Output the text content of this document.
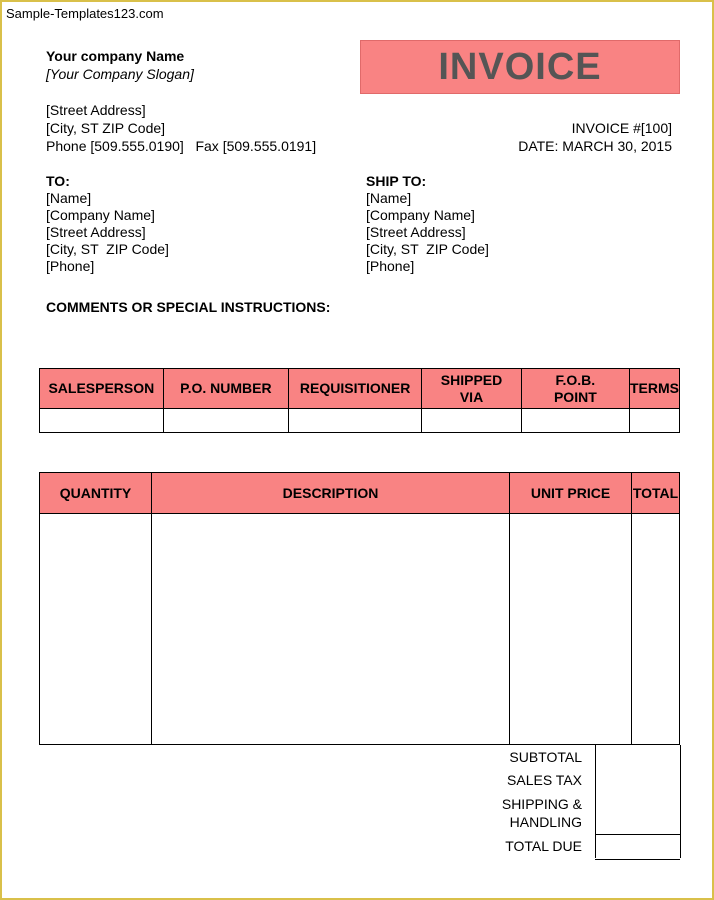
Sample-Templates123.com
Your company Name
[Your Company Slogan]	INVOICE
[Street Address]
[City, ST ZIP Code]
Phone [509.555.0190]   Fax [509.555.0191]
INVOICE #[100]
DATE: MARCH 30, 2015
TO:
[Name]
[Company Name]
[Street Address]
[City, ST  ZIP Code]
[Phone]
SHIP TO:
[Name]
[Company Name]
[Street Address]
[City, ST  ZIP Code]
[Phone]
COMMENTS OR SPECIAL INSTRUCTIONS:
SALESPERSON	P.O. NUMBER	REQUISITIONER	SHIPPED VIA	F.O.B. POINT	TERMS

QUANTITY	DESCRIPTION	UNIT PRICE	TOTAL

SUBTOTAL
SALES TAX
SHIPPING &
HANDLING
TOTAL DUE
